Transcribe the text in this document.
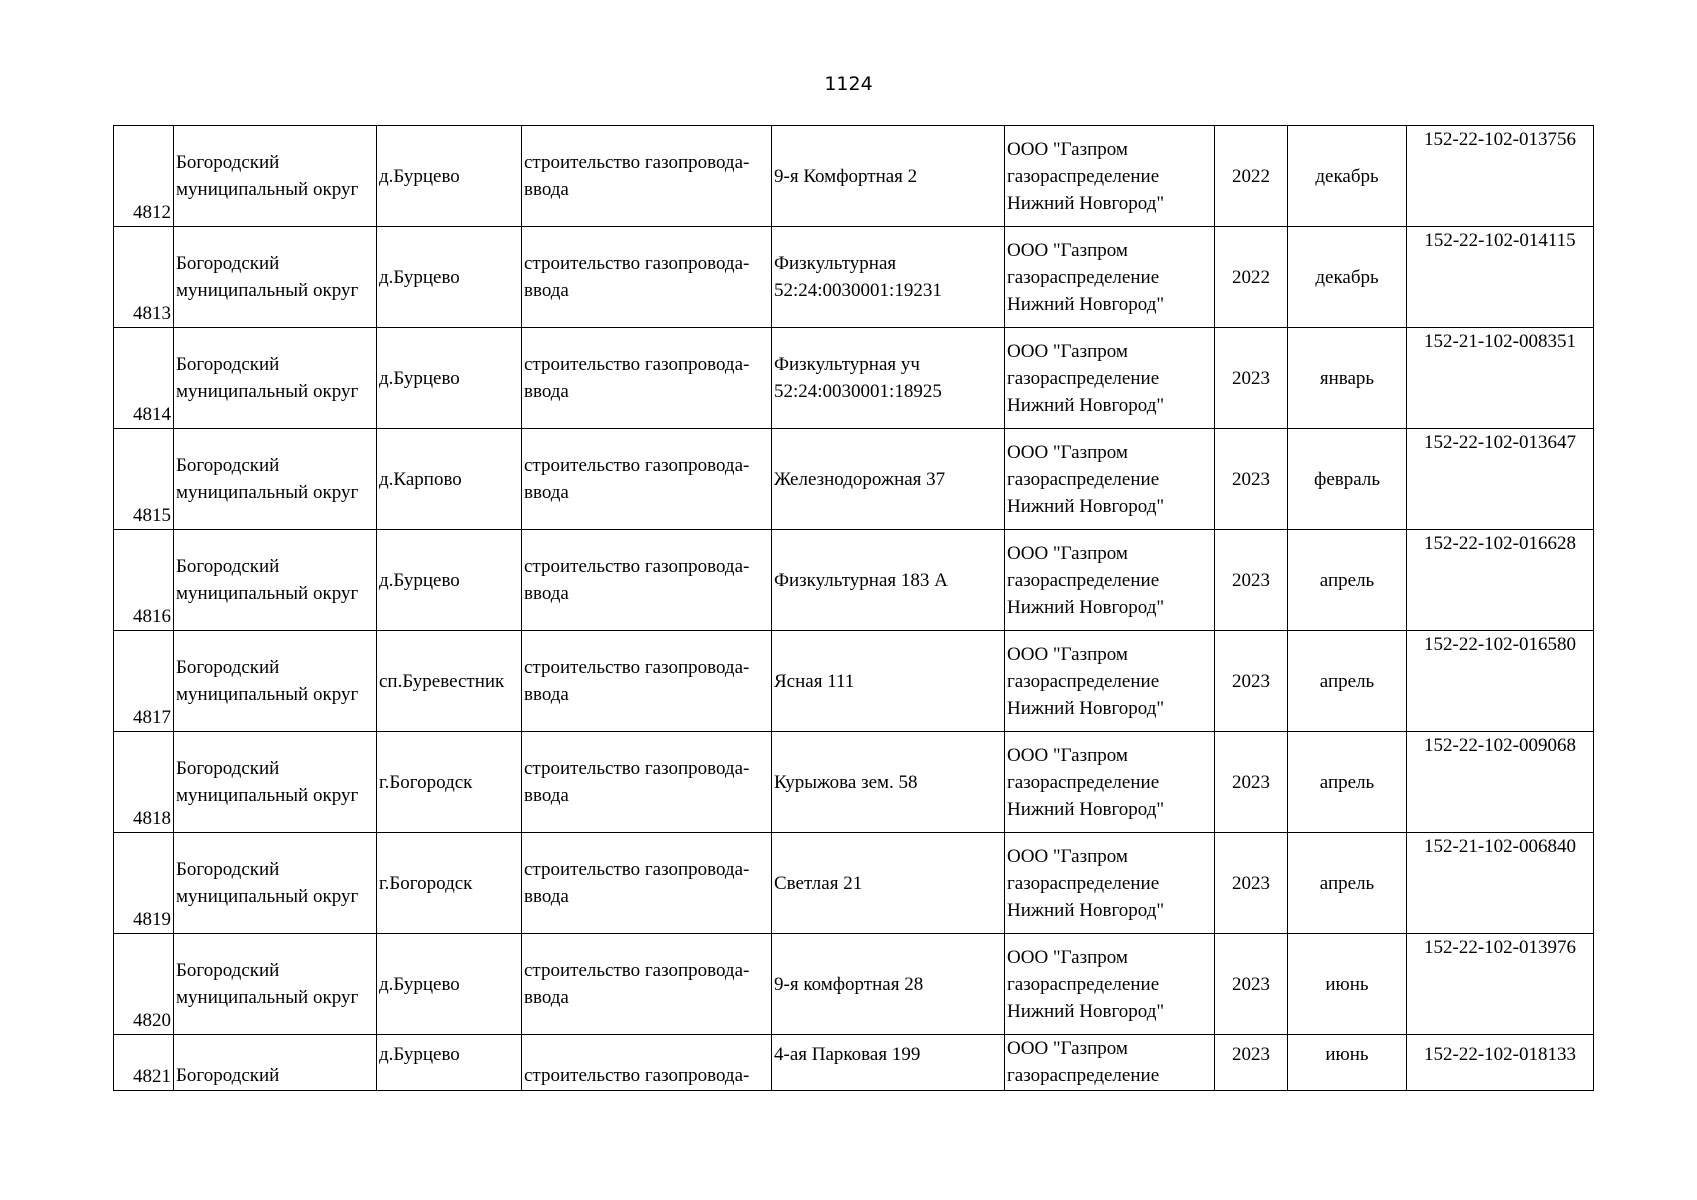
1124
4812	Богородский
муниципальный округ	д.Бурцево	строительство газопровода-
ввода	9-я Комфортная 2	ООО "Газпром
газораспределение
Нижний Новгород"	2022	декабрь	152-22-102-013756
4813	Богородский
муниципальный округ	д.Бурцево	строительство газопровода-
ввода	Физкультурная
52:24:0030001:19231	ООО "Газпром
газораспределение
Нижний Новгород"	2022	декабрь	152-22-102-014115
4814	Богородский
муниципальный округ	д.Бурцево	строительство газопровода-
ввода	Физкультурная уч
52:24:0030001:18925	ООО "Газпром
газораспределение
Нижний Новгород"	2023	январь	152-21-102-008351
4815	Богородский
муниципальный округ	д.Карпово	строительство газопровода-
ввода	Железнодорожная 37	ООО "Газпром
газораспределение
Нижний Новгород"	2023	февраль	152-22-102-013647
4816	Богородский
муниципальный округ	д.Бурцево	строительство газопровода-
ввода	Физкультурная 183 А	ООО "Газпром
газораспределение
Нижний Новгород"	2023	апрель	152-22-102-016628
4817	Богородский
муниципальный округ	сп.Буревестник	строительство газопровода-
ввода	Ясная 111	ООО "Газпром
газораспределение
Нижний Новгород"	2023	апрель	152-22-102-016580
4818	Богородский
муниципальный округ	г.Богородск	строительство газопровода-
ввода	Курыжова зем. 58	ООО "Газпром
газораспределение
Нижний Новгород"	2023	апрель	152-22-102-009068
4819	Богородский
муниципальный округ	г.Богородск	строительство газопровода-
ввода	Светлая 21	ООО "Газпром
газораспределение
Нижний Новгород"	2023	апрель	152-21-102-006840
4820	Богородский
муниципальный округ	д.Бурцево	строительство газопровода-
ввода	9-я комфортная 28	ООО "Газпром
газораспределение
Нижний Новгород"	2023	июнь	152-22-102-013976
4821	Богородский	д.Бурцево	строительство газопровода-	4-ая Парковая 199	ООО "Газпром
газораспределение	2023	июнь	152-22-102-018133
